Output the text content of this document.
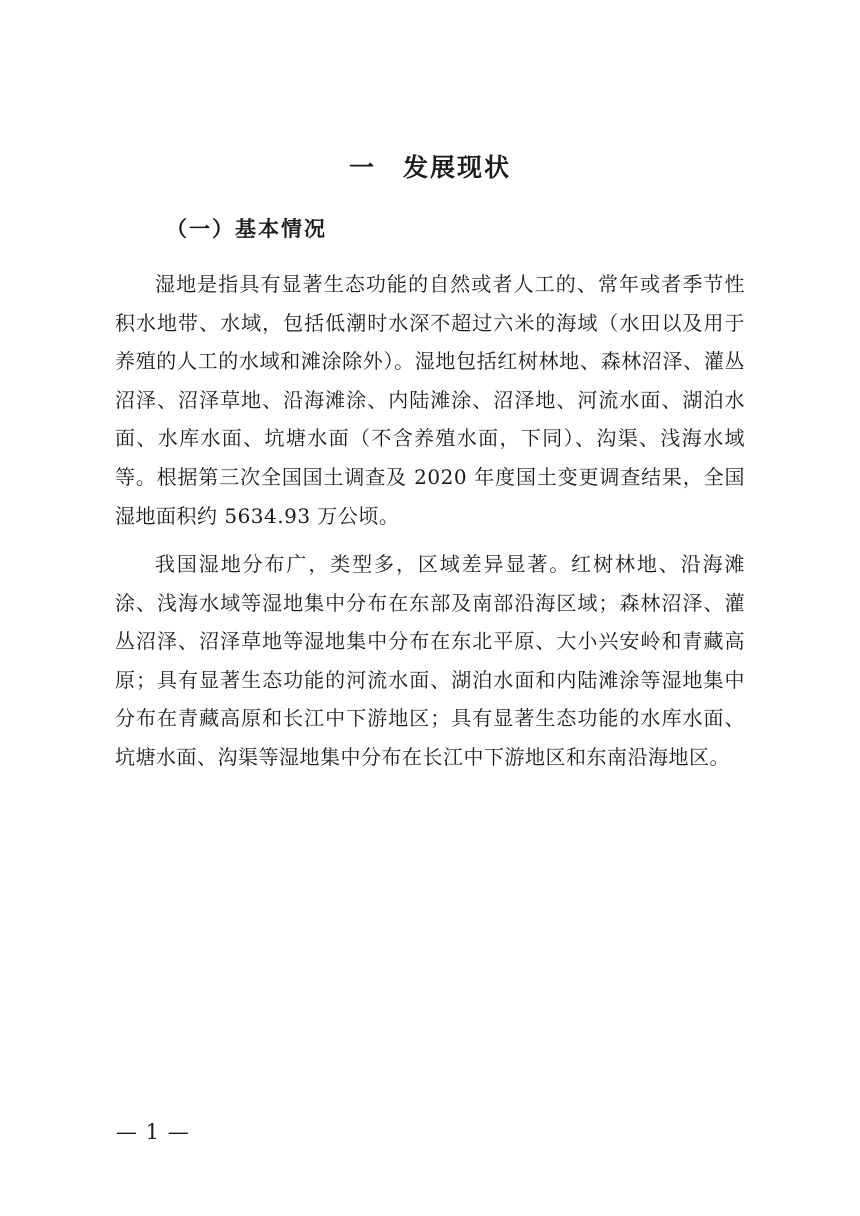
一　发展现状
（一）基本情况

湿地是指具有显著生态功能的自然或者人工的、常年或者季节性积水地带、水域，包括低潮时水深不超过六米的海域（水田以及用于养殖的人工的水域和滩涂除外）。湿地包括红树林地、森林沼泽、灌丛沼泽、沼泽草地、沿海滩涂、内陆滩涂、沼泽地、河流水面、湖泊水面、水库水面、坑塘水面（不含养殖水面，下同）、沟渠、浅海水域等。根据第三次全国国土调查及 2020 年度国土变更调查结果，全国湿地面积约 5634.93 万公顷。

我国湿地分布广，类型多，区域差异显著。红树林地、沿海滩涂、浅海水域等湿地集中分布在东部及南部沿海区域；森林沼泽、灌丛沼泽、沼泽草地等湿地集中分布在东北平原、大小兴安岭和青藏高原；具有显著生态功能的河流水面、湖泊水面和内陆滩涂等湿地集中分布在青藏高原和长江中下游地区；具有显著生态功能的水库水面、坑塘水面、沟渠等湿地集中分布在长江中下游地区和东南沿海地区。

— 1 —
